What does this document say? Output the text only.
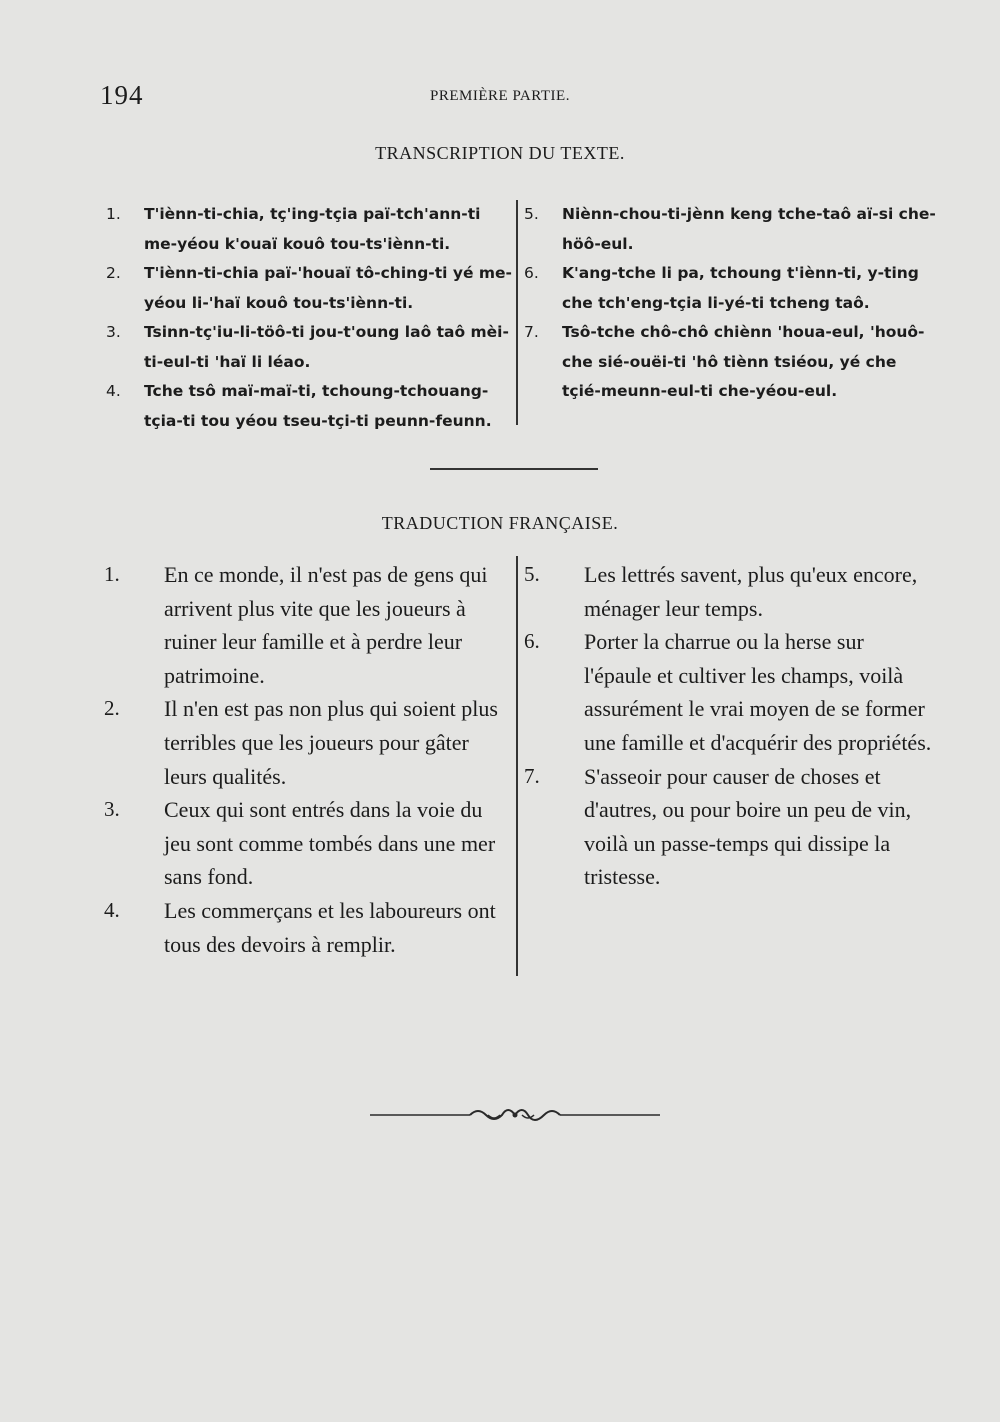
194	PREMIÈRE PARTIE.
TRANSCRIPTION DU TEXTE.
1.	T'iènn-ti-chia, tç'ing-tçia paï-tch'ann-ti me-yéou k'ouaï kouô tou-ts'iènn-ti.
2.	T'iènn-ti-chia paï-'houaï tô-ching-ti yé me-yéou li-'haï kouô tou-ts'iènn-ti.
3.	Tsinn-tç'iu-li-töô-ti jou-t'oung laô taô mèi-ti-eul-ti 'haï li léao.
4.	Tche tsô maï-maï-ti, tchoung-tchouang-tçia-ti tou yéou tseu-tçi-ti peunn-feunn.
5.	Niènn-chou-ti-jènn keng tche-taô aï-si che-höô-eul.
6.	K'ang-tche li pa, tchoung t'iènn-ti, y-ting che tch'eng-tçia li-yé-ti tcheng taô.
7.	Tsô-tche chô-chô chiènn 'houa-eul, 'houô-che sié-ouëi-ti 'hô tiènn tsiéou, yé che tçié-meunn-eul-ti che-yéou-eul.
TRADUCTION FRANÇAISE.
1.	En ce monde, il n'est pas de gens qui arrivent plus vite que les joueurs à ruiner leur famille et à perdre leur patrimoine.
2.	Il n'en est pas non plus qui soient plus terribles que les joueurs pour gâter leurs qualités.
3.	Ceux qui sont entrés dans la voie du jeu sont comme tombés dans une mer sans fond.
4.	Les commerçans et les laboureurs ont tous des devoirs à remplir.
5.	Les lettrés savent, plus qu'eux encore, ménager leur temps.
6.	Porter la charrue ou la herse sur l'épaule et cultiver les champs, voilà assurément le vrai moyen de se former une famille et d'acquérir des propriétés.
7.	S'asseoir pour causer de choses et d'autres, ou pour boire un peu de vin, voilà un passe-temps qui dissipe la tristesse.
